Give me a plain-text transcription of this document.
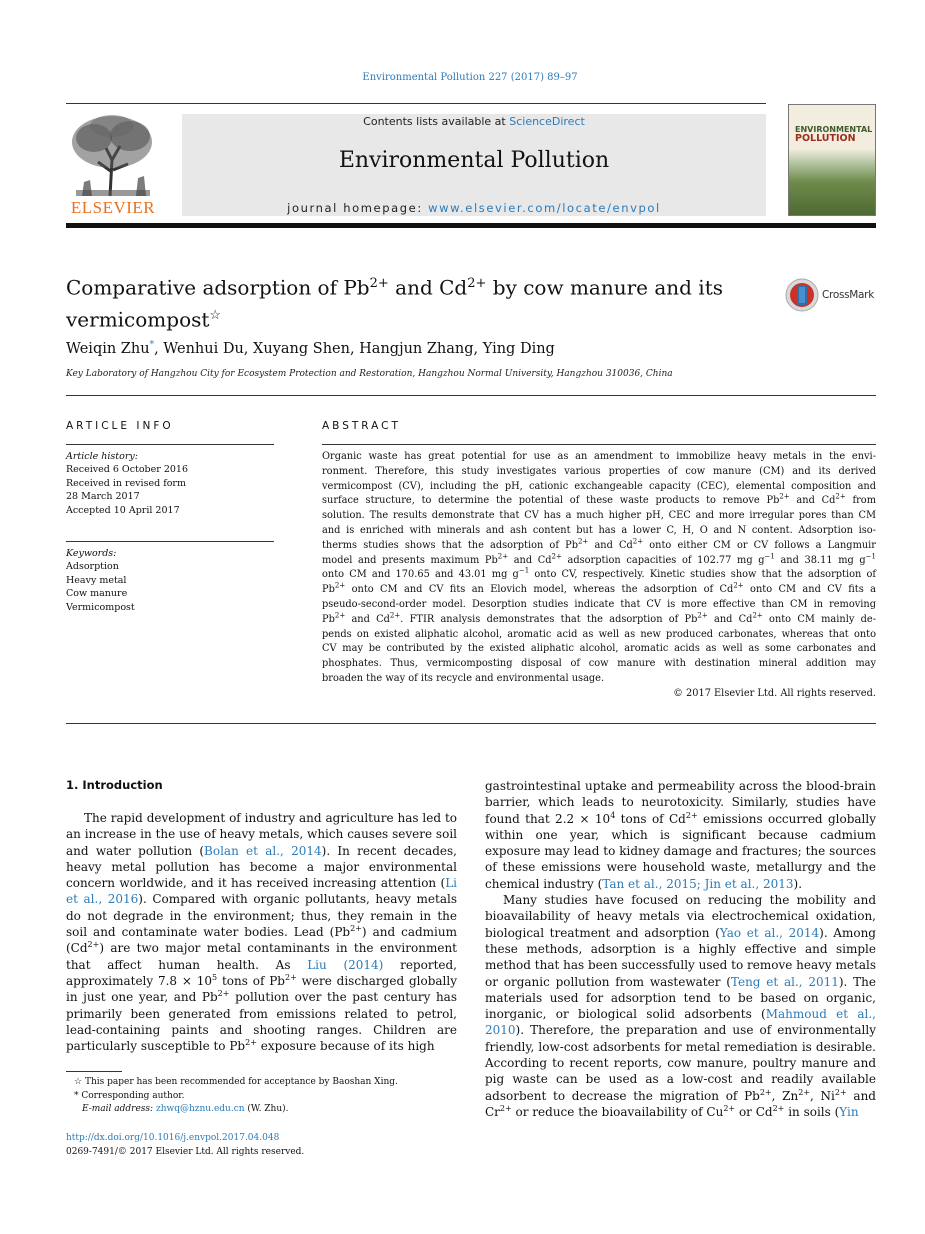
Environmental Pollution 227 (2017) 89–97
ELSEVIER
Contents lists available at ScienceDirect
Environmental Pollution
journal homepage: www.elsevier.com/locate/envpol
ENVIRONMENTAL
POLLUTION
Comparative adsorption of $Pb^{2+}$ and $Cd^{2+}$ by cow manure and its
vermicompost☆
CrossMark
Weiqin Zhu*, Wenhui Du, Xuyang Shen, Hangjun Zhang, Ying Ding
Key Laboratory of Hangzhou City for Ecosystem Protection and Restoration, Hangzhou Normal University, Hangzhou 310036, China
ARTICLE INFO
Article history:
Received 6 October 2016
Received in revised form
28 March 2017
Accepted 10 April 2017
Keywords:
Adsorption
Heavy metal
Cow manure
Vermicompost
ABSTRACT
Organic waste has great potential for use as an amendment to immobilize heavy metals in the envi-
ronment. Therefore, this study investigates various properties of cow manure (CM) and its derived
vermicompost (CV), including the pH, cationic exchangeable capacity (CEC), elemental composition and
surface structure, to determine the potential of these waste products to remove $Pb^{2+}$ and $Cd^{2+}$ from
solution. The results demonstrate that CV has a much higher pH, CEC and more irregular pores than CM
and is enriched with minerals and ash content but has a lower C, H, O and N content. Adsorption iso-
therms studies shows that the adsorption of $Pb^{2+}$ and $Cd^{2+}$ onto either CM or CV follows a Langmuir
model and presents maximum $Pb^{2+}$ and $Cd^{2+}$ adsorption capacities of 102.77 mg $g^{-1}$ and 38.11 mg $g^{-1}$
onto CM and 170.65 and 43.01 mg $g^{-1}$ onto CV, respectively. Kinetic studies show that the adsorption of
$Pb^{2+}$ onto CM and CV fits an Elovich model, whereas the adsorption of $Cd^{2+}$ onto CM and CV fits a
pseudo-second-order model. Desorption studies indicate that CV is more effective than CM in removing
$Pb^{2+}$ and $Cd^{2+}$. FTIR analysis demonstrates that the adsorption of $Pb^{2+}$ and $Cd^{2+}$ onto CM mainly de-
pends on existed aliphatic alcohol, aromatic acid as well as new produced carbonates, whereas that onto
CV may be contributed by the existed aliphatic alcohol, aromatic acids as well as some carbonates and
phosphates. Thus, vermicomposting disposal of cow manure with destination mineral addition may
broaden the way of its recycle and environmental usage.
© 2017 Elsevier Ltd. All rights reserved.
1. Introduction

The rapid development of industry and agriculture has led to an increase in the use of heavy metals, which causes severe soil and water pollution (Bolan et al., 2014). In recent decades, heavy metal pollution has become a major environmental concern worldwide, and it has received increasing attention (Li et al., 2016). Compared with organic pollutants, heavy metals do not degrade in the environment; thus, they remain in the soil and contaminate water bodies. Lead $(Pb^{2+})$ and cadmium $(Cd^{2+})$ are two major metal contaminants in the environment that affect human health. As Liu (2014) reported, approximately $7.8 \times 10^5$ tons of $Pb^{2+}$ were discharged globally in just one year, and $Pb^{2+}$ pollution over the past century has primarily been generated from emissions related to petrol, lead-containing paints and shooting ranges. Children are particularly susceptible to $Pb^{2+}$ exposure because of its high

gastrointestinal uptake and permeability across the blood-brain barrier, which leads to neurotoxicity. Similarly, studies have found that $2.2 \times 10^4$ tons of $Cd^{2+}$ emissions occurred globally within one year, which is significant because cadmium exposure may lead to kidney damage and fractures; the sources of these emissions were household waste, metallurgy and the chemical industry (Tan et al., 2015; Jin et al., 2013).

Many studies have focused on reducing the mobility and bioavailability of heavy metals via electrochemical oxidation, biological treatment and adsorption (Yao et al., 2014). Among these methods, adsorption is a highly effective and simple method that has been successfully used to remove heavy metals or organic pollution from wastewater (Teng et al., 2011). The materials used for adsorption tend to be based on organic, inorganic, or biological solid adsorbents (Mahmoud et al., 2010). Therefore, the preparation and use of environmentally friendly, low-cost adsorbents for metal remediation is desirable. According to recent reports, cow manure, poultry manure and pig waste can be used as a low-cost and readily available adsorbent to decrease the migration of $Pb^{2+}$, $Zn^{2+}$, $Ni^{2+}$ and $Cr^{2+}$ or reduce the bioavailability of $Cu^{2+}$ or $Cd^{2+}$ in soils (Yin

☆ This paper has been recommended for acceptance by Baoshan Xing.
* Corresponding author.
E-mail address: zhwq@hznu.edu.cn (W. Zhu).
http://dx.doi.org/10.1016/j.envpol.2017.04.048
0269-7491/© 2017 Elsevier Ltd. All rights reserved.
